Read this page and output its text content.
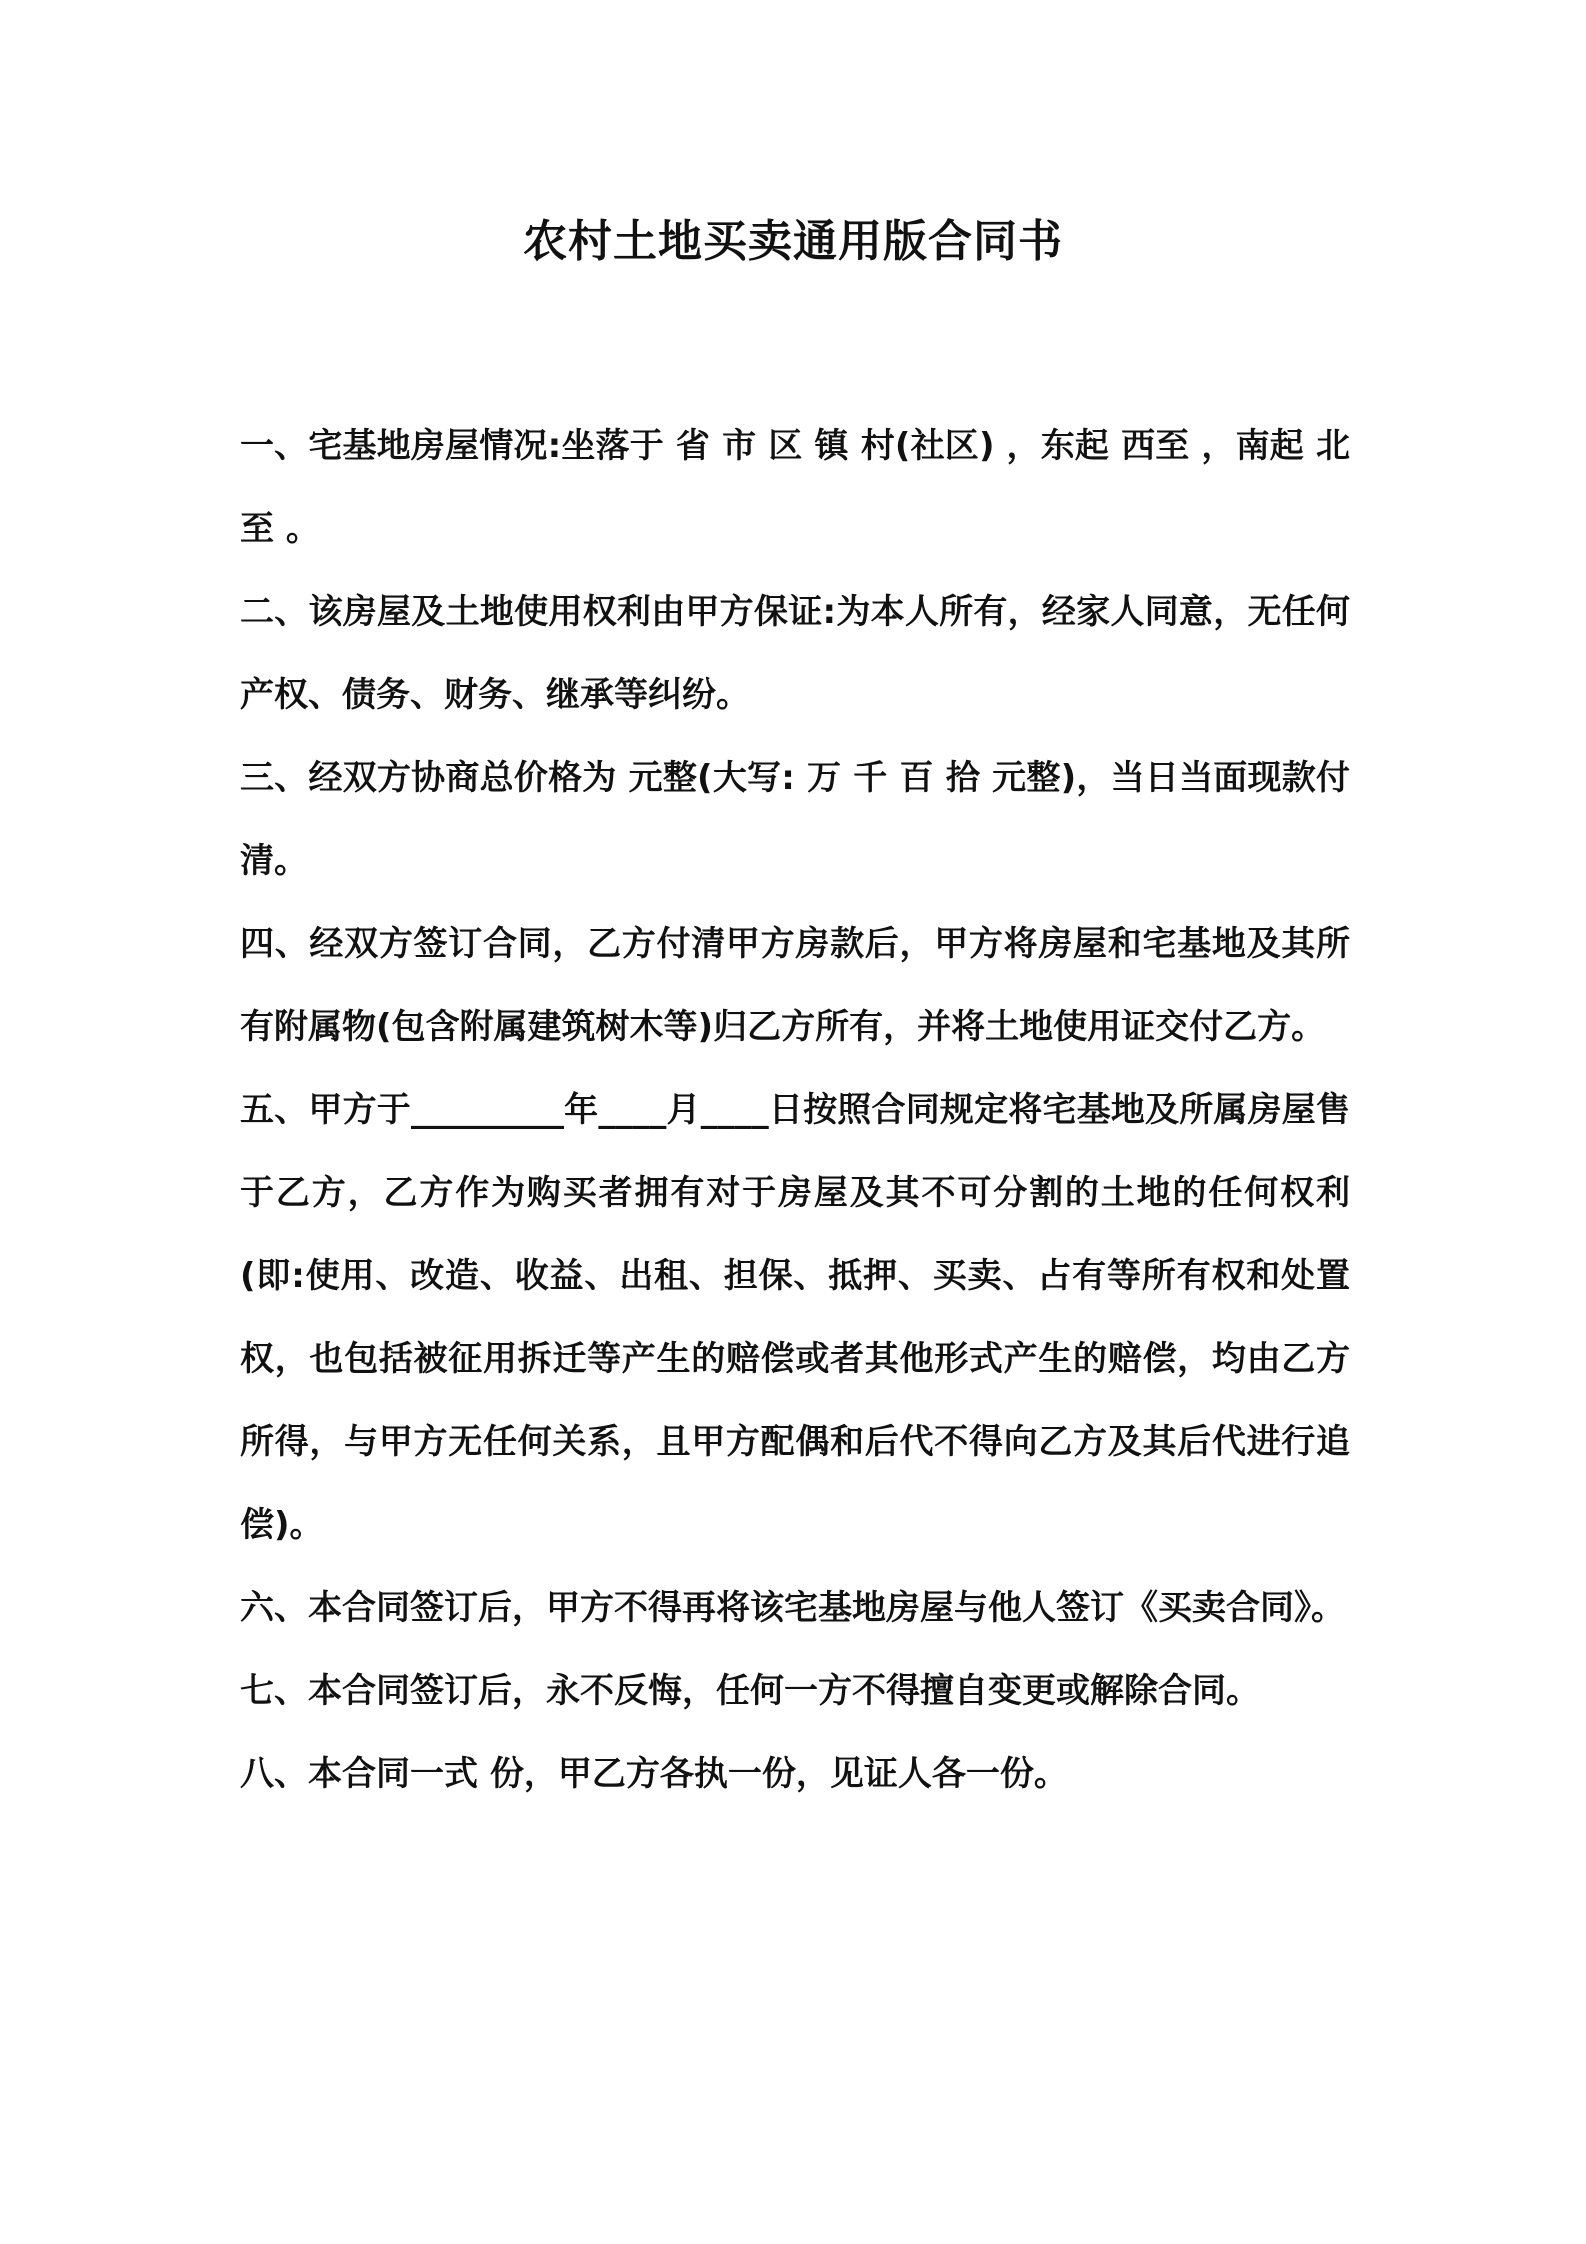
农村土地买卖通用版合同书

一、宅基地房屋情况:坐落于 省 市 区 镇 村(社区) ，东起 西至 ，南起 北至 。

二、该房屋及土地使用权利由甲方保证:为本人所有，经家人同意，无任何产权、债务、财务、继承等纠纷。

三、经双方协商总价格为 元整(大写: 万 千 百 拾 元整)，当日当面现款付清。

四、经双方签订合同，乙方付清甲方房款后，甲方将房屋和宅基地及其所有附属物(包含附属建筑树木等)归乙方所有，并将土地使用证交付乙方。

五、甲方于_________年____月____日按照合同规定将宅基地及所属房屋售于乙方，乙方作为购买者拥有对于房屋及其不可分割的土地的任何权利(即:使用、改造、收益、出租、担保、抵押、买卖、占有等所有权和处置权，也包括被征用拆迁等产生的赔偿或者其他形式产生的赔偿，均由乙方所得，与甲方无任何关系，且甲方配偶和后代不得向乙方及其后代进行追偿)。

六、本合同签订后，甲方不得再将该宅基地房屋与他人签订《买卖合同》。

七、本合同签订后，永不反悔，任何一方不得擅自变更或解除合同。

八、本合同一式 份，甲乙方各执一份，见证人各一份。
